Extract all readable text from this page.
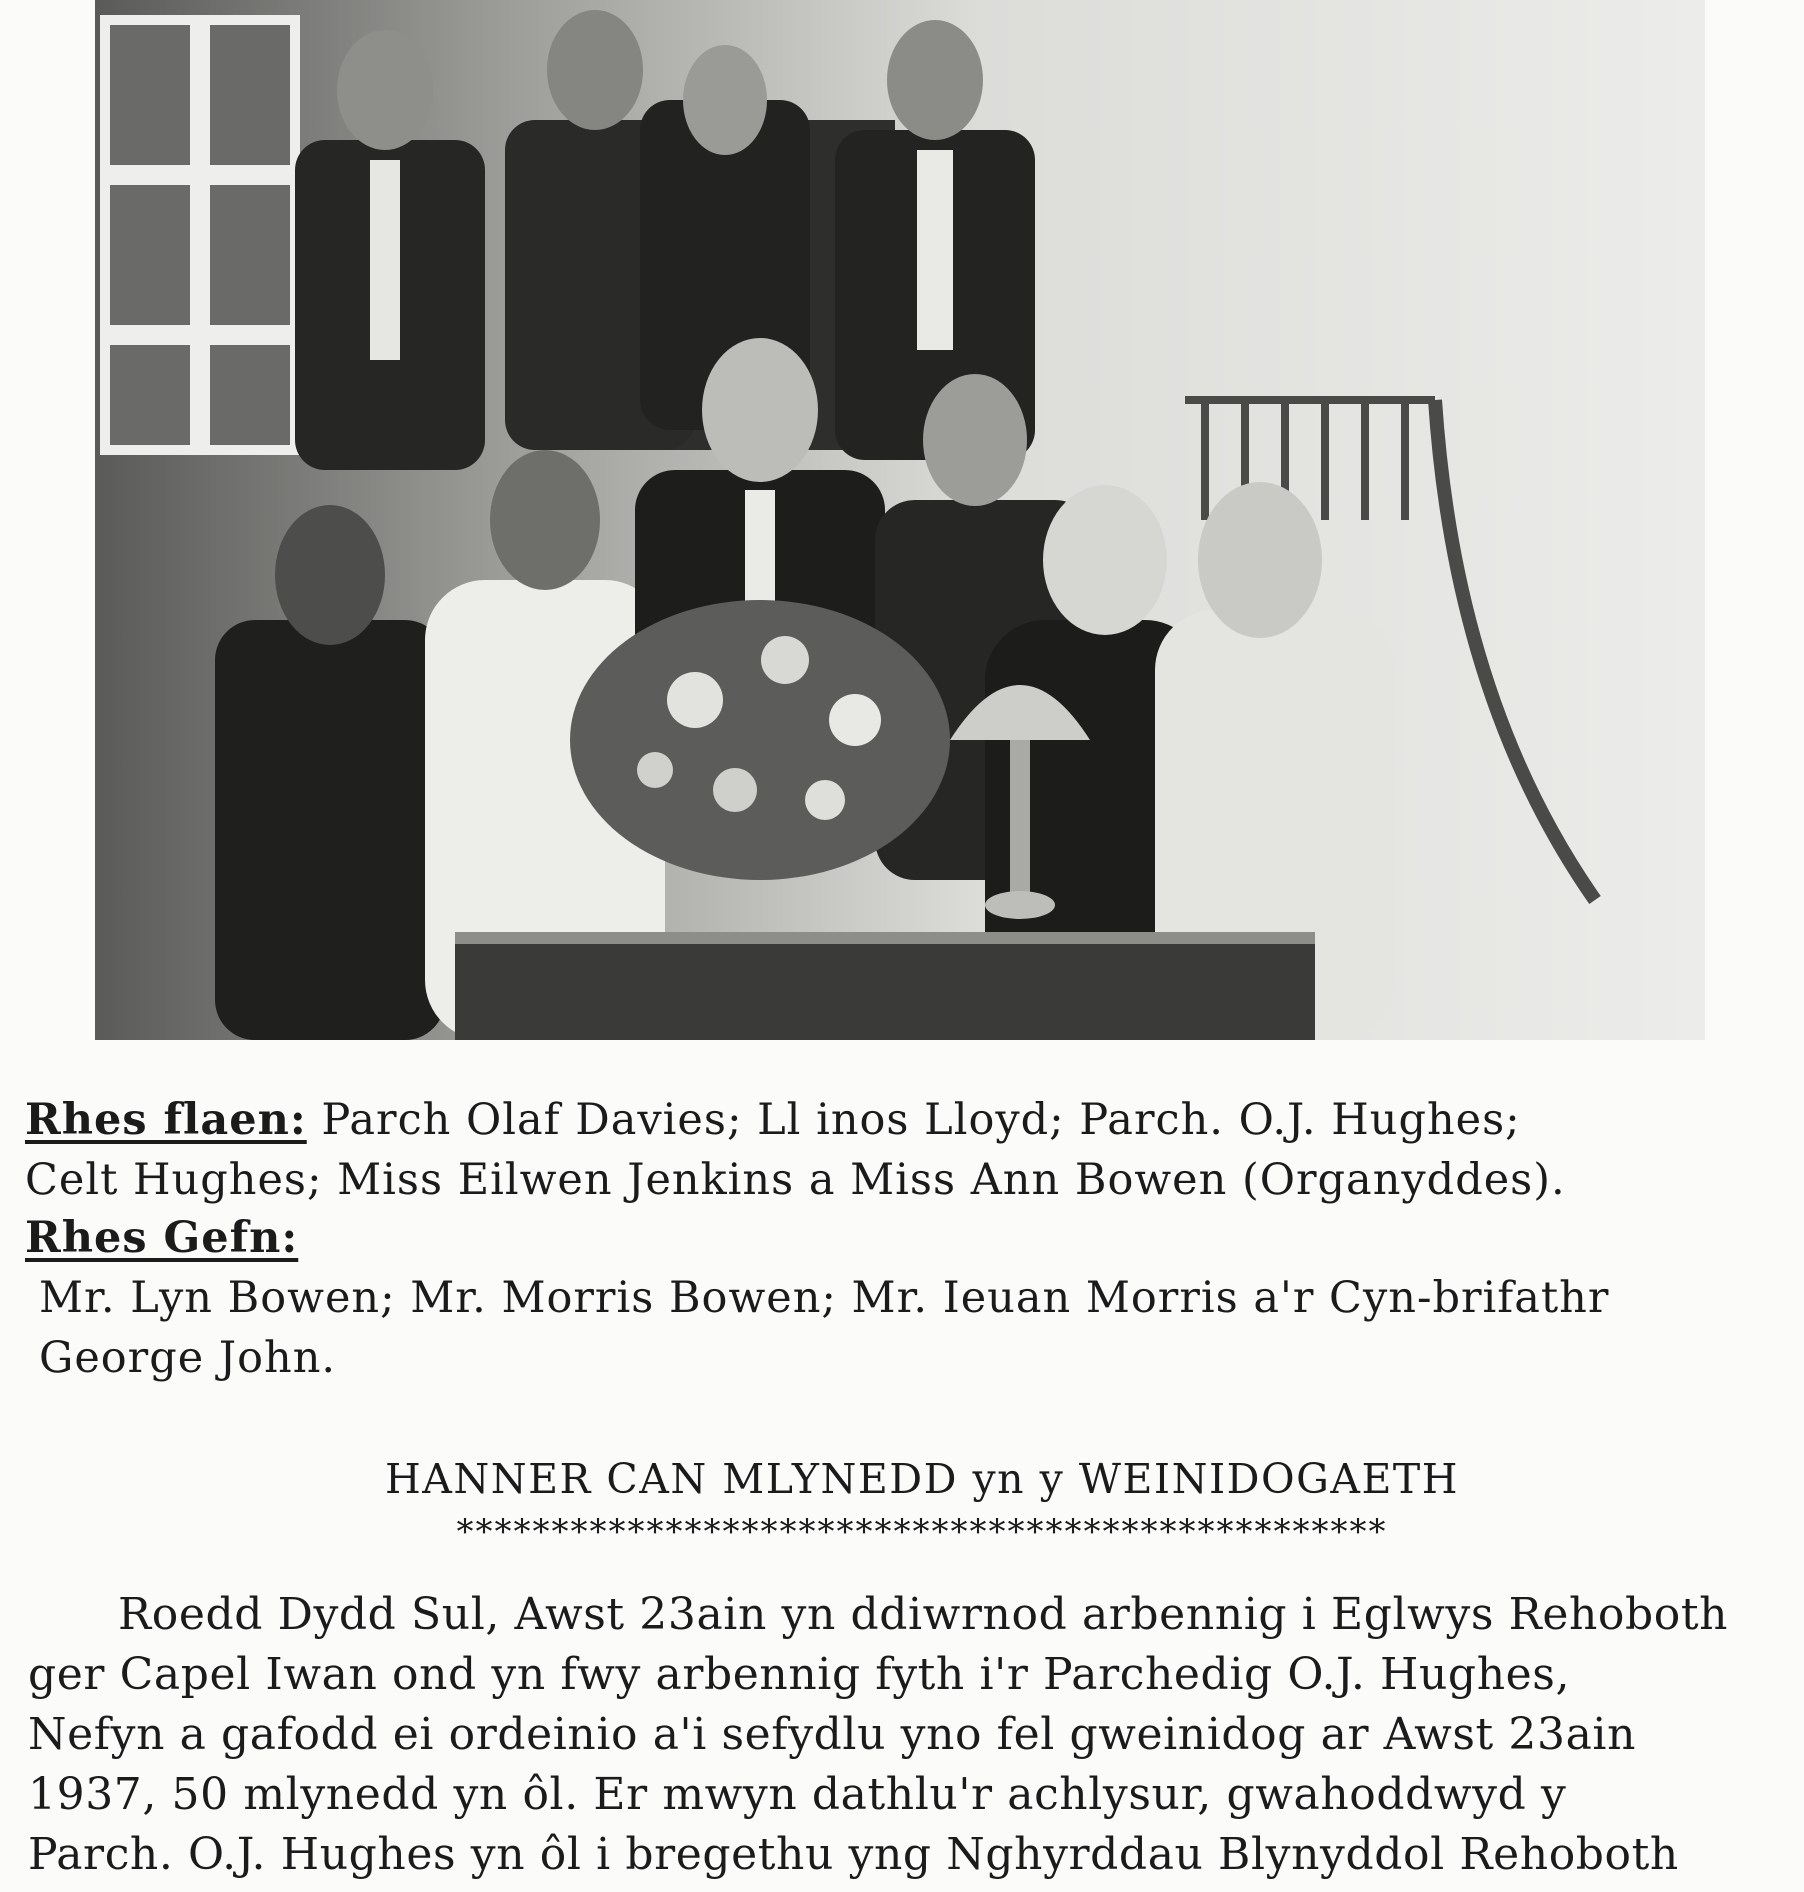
Rhes flaen: Parch Olaf Davies; Ll inos Lloyd; Parch. O.J. Hughes;
Celt Hughes; Miss Eilwen Jenkins a Miss Ann Bowen (Organyddes).
Rhes Gefn:
Mr. Lyn Bowen; Mr. Morris Bowen; Mr. Ieuan Morris a'r Cyn-brifathr
George John.
HANNER CAN MLYNEDD yn y WEINIDOGAETH
*************************************************
Roedd Dydd Sul, Awst 23ain yn ddiwrnod arbennig i Eglwys Rehoboth
ger Capel Iwan ond yn fwy arbennig fyth i'r Parchedig O.J. Hughes,
Nefyn a gafodd ei ordeinio a'i sefydlu yno fel gweinidog ar Awst 23ain
1937, 50 mlynedd yn ôl. Er mwyn dathlu'r achlysur, gwahoddwyd y
Parch. O.J. Hughes yn ôl i bregethu yng Nghyrddau Blynyddol Rehoboth
